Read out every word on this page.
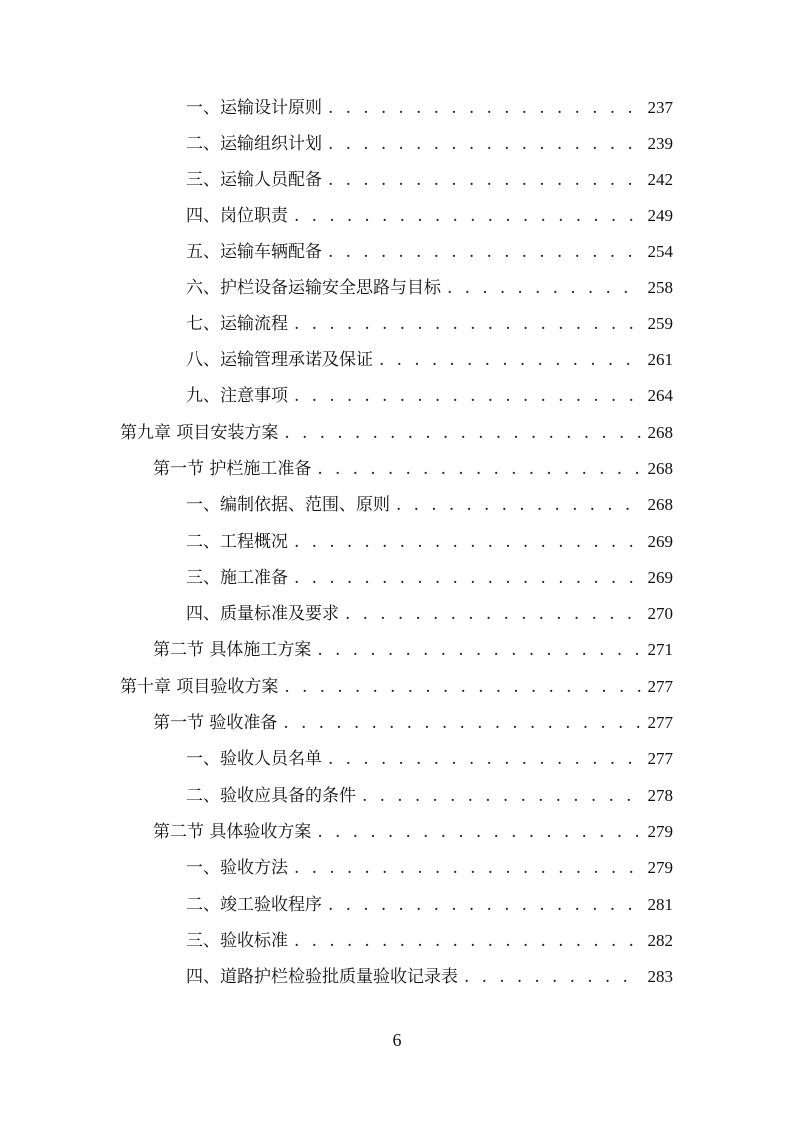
一、运输设计原则 . . .	237
二、运输组织计划 . . .	239
三、运输人员配备 . . .	242
四、岗位职责 . . .	249
五、运输车辆配备 . . .	254
六、护栏设备运输安全思路与目标 . . .	258
七、运输流程 . . .	259
八、运输管理承诺及保证 . . .	261
九、注意事项 . . .	264
第九章 项目安装方案 . . .	268
第一节 护栏施工准备 . . .	268
一、编制依据、范围、原则 . . .	268
二、工程概况 . . .	269
三、施工准备 . . .	269
四、质量标准及要求 . . .	270
第二节 具体施工方案 . . .	271
第十章 项目验收方案 . . .	277
第一节 验收准备 . . .	277
一、验收人员名单 . . .	277
二、验收应具备的条件 . . .	278
第二节 具体验收方案 . . .	279
一、验收方法 . . .	279
二、竣工验收程序 . . .	281
三、验收标准 . . .	282
四、道路护栏检验批质量验收记录表 . . .	283
6
